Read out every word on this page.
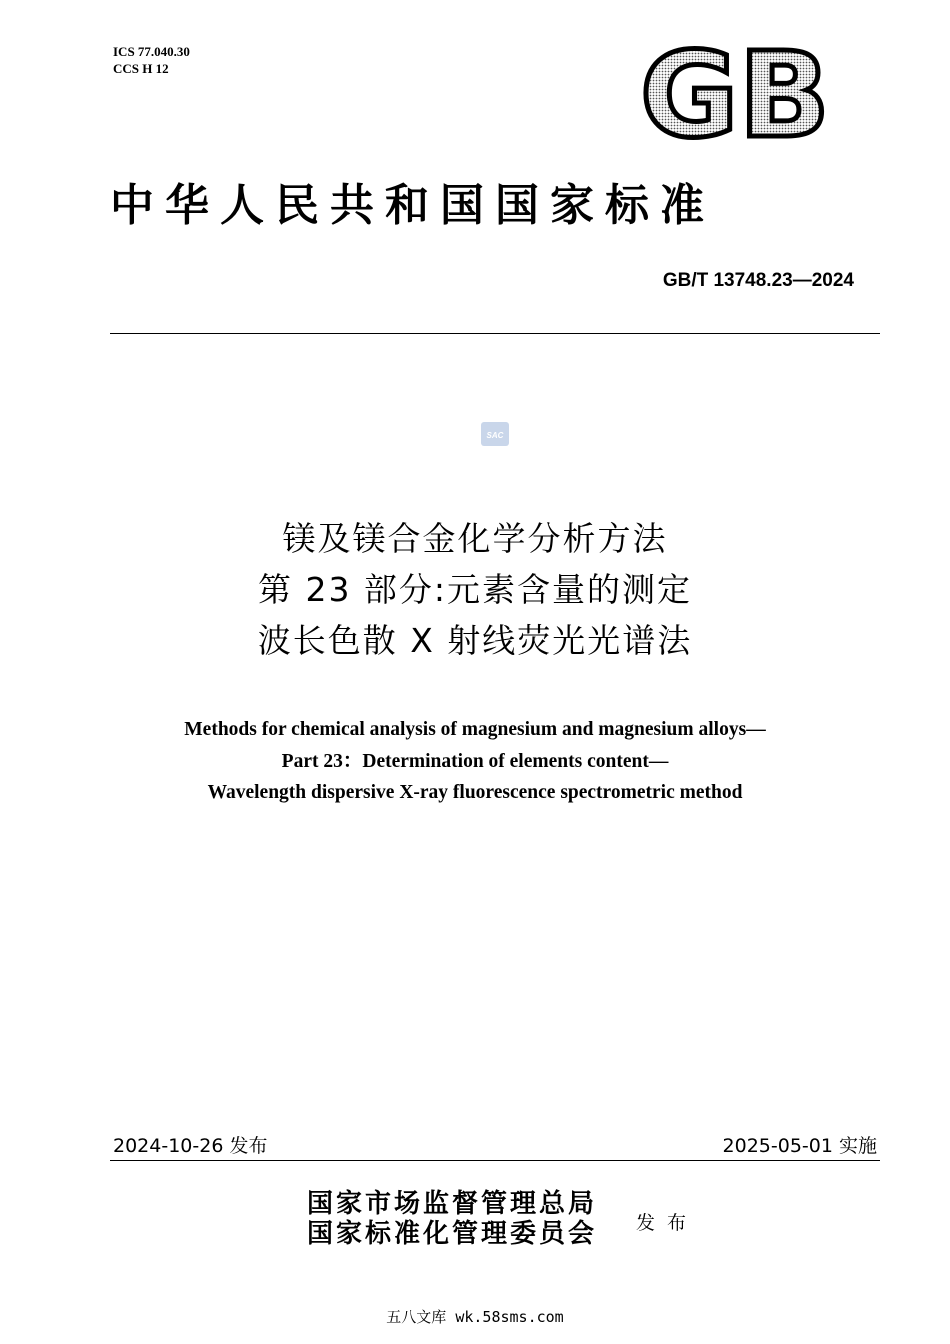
ICS 77.040.30
CCS H 12	GB
中华人民共和国国家标准
GB/T 13748.23—2024
SAC
镁及镁合金化学分析方法
第 23 部分:元素含量的测定
波长色散 X 射线荧光光谱法
Methods for chemical analysis of magnesium and magnesium alloys—
Part 23：Determination of elements content—
Wavelength dispersive X-ray fluorescence spectrometric method
2024-10-26 发布	2025-05-01 实施
国家市场监督管理总局
国家标准化管理委员会 发布
五八文库 wk.58sms.com
